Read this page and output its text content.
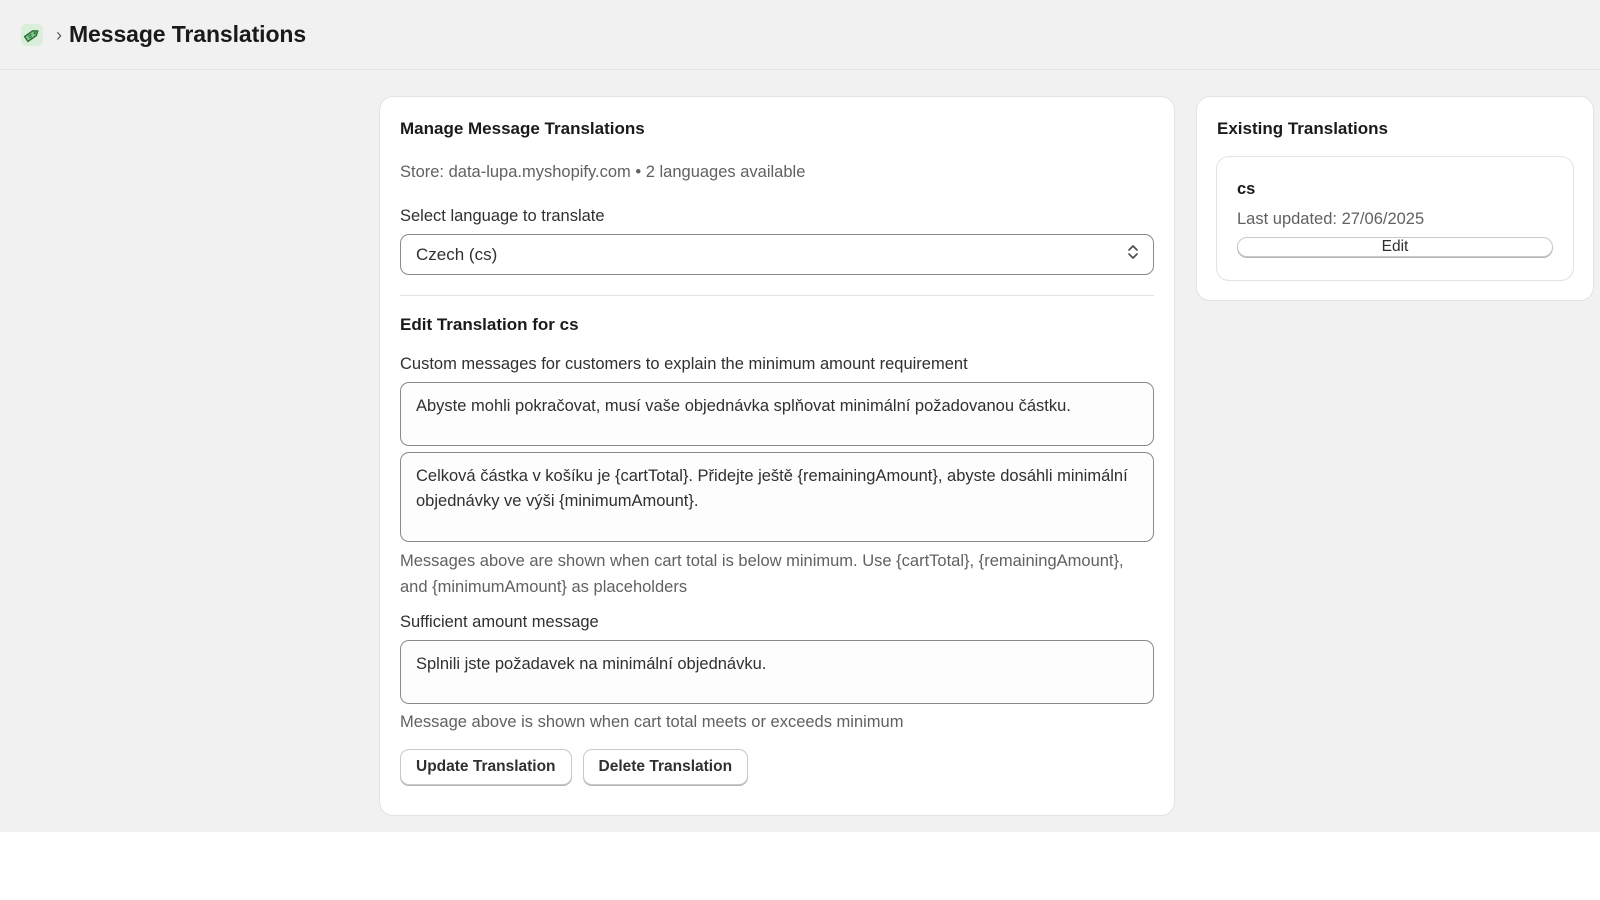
› Message Translations
Manage Message Translations
Store: data-lupa.myshopify.com • 2 languages available
Select language to translate
Czech (cs)
Edit Translation for cs
Custom messages for customers to explain the minimum amount requirement
Abyste mohli pokračovat, musí vaše objednávka splňovat minimální požadovanou částku.
Celková částka v košíku je {cartTotal}. Přidejte ještě {remainingAmount}, abyste dosáhli minimální objednávky ve výši {minimumAmount}.
Messages above are shown when cart total is below minimum. Use {cartTotal}, {remainingAmount}, and {minimumAmount} as placeholders
Sufficient amount message
Splnili jste požadavek na minimální objednávku.
Message above is shown when cart total meets or exceeds minimum
Update Translation	Delete Translation
Existing Translations
cs
Last updated: 27/06/2025
Edit
